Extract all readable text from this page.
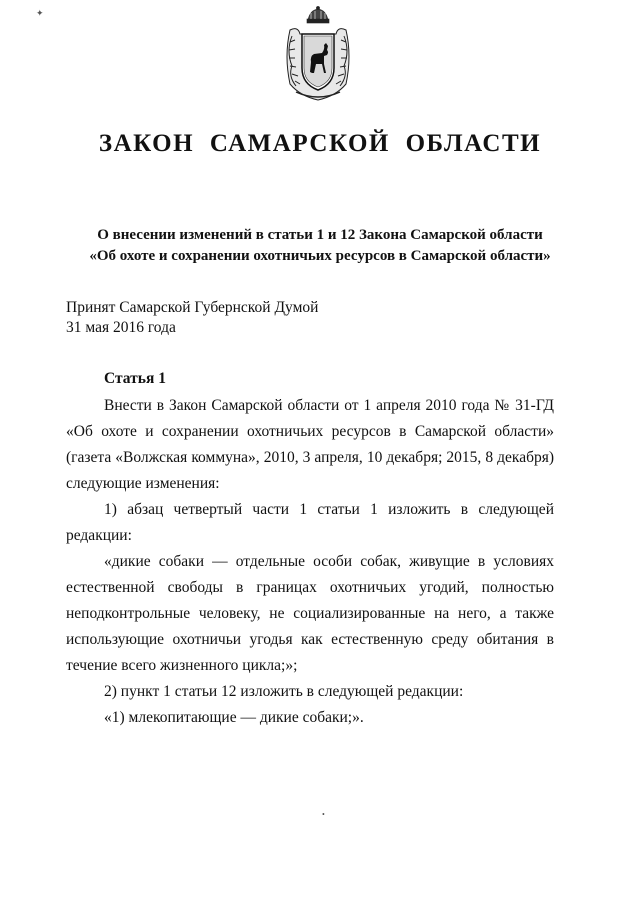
✦
ЗАКОН САМАРСКОЙ ОБЛАСТИ
О внесении изменений в статьи 1 и 12 Закона Самарской области
«Об охоте и сохранении охотничьих ресурсов в Самарской области»
Принят Самарской Губернской Думой
31 мая 2016 года
Статья 1

Внести в Закон Самарской области от 1 апреля 2010 года № 31-ГД «Об охоте и сохранении охотничьих ресурсов в Самарской области» (газета «Волжская коммуна», 2010, 3 апреля, 10 декабря; 2015, 8 декабря) следующие изменения:

1) абзац четвертый части 1 статьи 1 изложить в следующей редакции:

«дикие собаки — отдельные особи собак, живущие в условиях естественной свободы в границах охотничьих угодий, полностью неподконтрольные человеку, не социализированные на него, а также использующие охотничьи угодья как естественную среду обитания в течение всего жизненного цикла;»;

2) пункт 1 статьи 12 изложить в следующей редакции:

«1) млекопитающие — дикие собаки;».

•
